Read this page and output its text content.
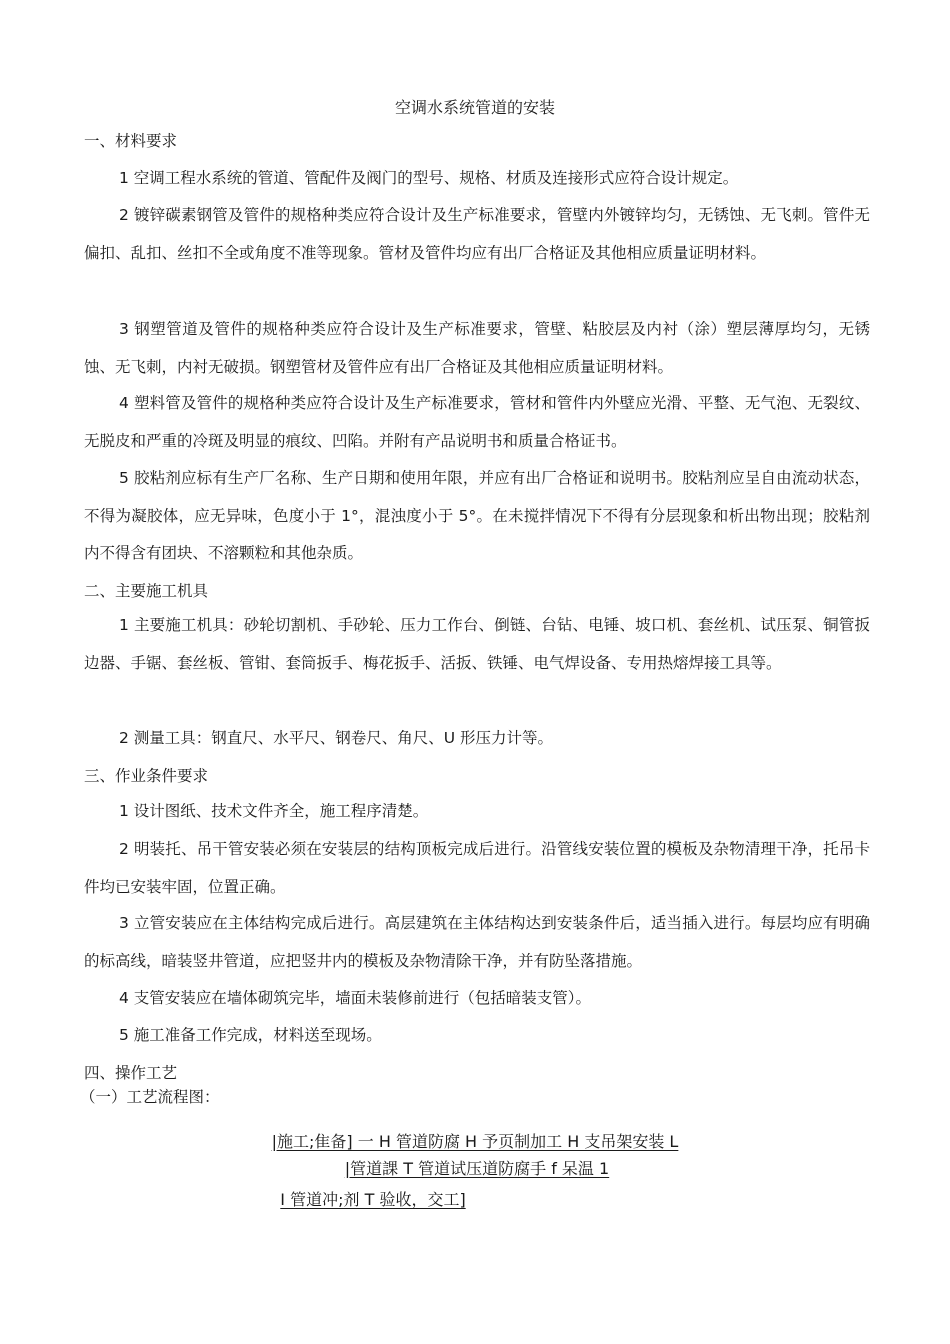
空调水系统管道的安装
一、材料要求
1 空调工程水系统的管道、管配件及阀门的型号、规格、材质及连接形式应符合设计规定。
2 镀锌碳素钢管及管件的规格种类应符合设计及生产标准要求，管壁内外镀锌均匀，无锈蚀、无飞刺。管件无偏扣、乱扣、丝扣不全或角度不准等现象。管材及管件均应有出厂合格证及其他相应质量证明材料。
3 钢塑管道及管件的规格种类应符合设计及生产标准要求，管壁、粘胶层及内衬（涂）塑层薄厚均匀，无锈蚀、无飞刺，内衬无破损。钢塑管材及管件应有出厂合格证及其他相应质量证明材料。
4 塑料管及管件的规格种类应符合设计及生产标准要求，管材和管件内外壁应光滑、平整、无气泡、无裂纹、无脱皮和严重的冷斑及明显的痕纹、凹陷。并附有产品说明书和质量合格证书。
5 胶粘剂应标有生产厂名称、生产日期和使用年限，并应有出厂合格证和说明书。胶粘剂应呈自由流动状态，不得为凝胶体，应无异味，色度小于 1°，混浊度小于 5°。在未搅拌情况下不得有分层现象和析出物出现；胶粘剂内不得含有团块、不溶颗粒和其他杂质。
二、主要施工机具
1 主要施工机具：砂轮切割机、手砂轮、压力工作台、倒链、台钻、电锤、坡口机、套丝机、试压泵、铜管扳边器、手锯、套丝板、管钳、套筒扳手、梅花扳手、活扳、铁锤、电气焊设备、专用热熔焊接工具等。
2 测量工具：钢直尺、水平尺、钢卷尺、角尺、U 形压力计等。
三、作业条件要求
1 设计图纸、技术文件齐全，施工程序清楚。
2 明装托、吊干管安装必须在安装层的结构顶板完成后进行。沿管线安装位置的模板及杂物清理干净，托吊卡件均已安装牢固，位置正确。
3 立管安装应在主体结构完成后进行。高层建筑在主体结构达到安装条件后，适当插入进行。每层均应有明确的标高线，暗装竖井管道，应把竖井内的模板及杂物清除干净，并有防坠落措施。
4 支管安装应在墙体砌筑完毕，墙面未装修前进行（包括暗装支管）。
5 施工准备工作完成，材料送至现场。
四、操作工艺
（一）工艺流程图：
|施工;隹备] 一 H 管道防腐 H 予页制加工 H 支吊架安装 L
|管道課 T 管道试压道防腐手 f 呆温 1
I 管道冲;剂 T 验收，交工]
